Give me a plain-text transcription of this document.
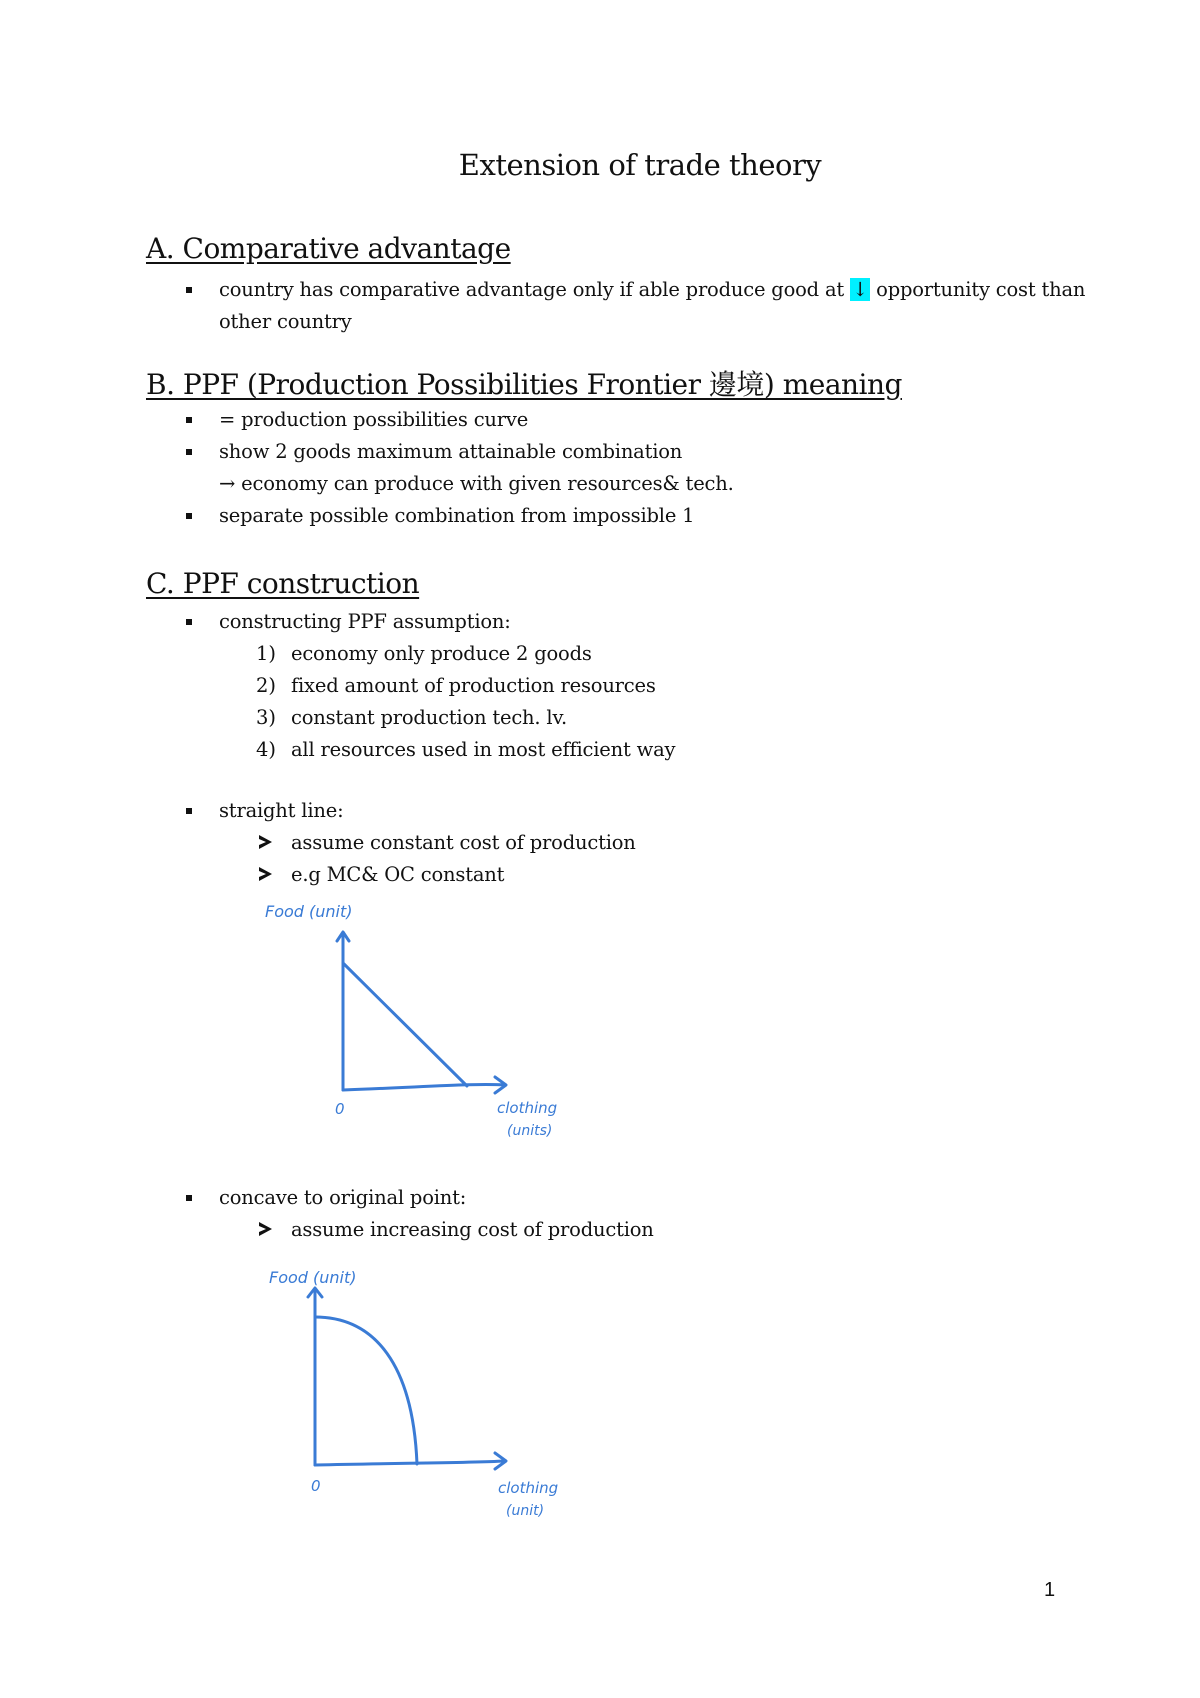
Extension of trade theory
A. Comparative advantage
country has comparative advantage only if able produce good at ↓ opportunity cost than
other country
B. PPF (Production Possibilities Frontier 邊境) meaning
= production possibilities curve
show 2 goods maximum attainable combination
→ economy can produce with given resources& tech.
separate possible combination from impossible 1
C. PPF construction
constructing PPF assumption:
1) economy only produce 2 goods
2) fixed amount of production resources
3) constant production tech. lv.
4) all resources used in most efficient way
straight line:
assume constant cost of production
e.g MC& OC constant
Food (unit)
0	clothing
(units)
concave to original point:
assume increasing cost of production
Food (unit)
0	clothing
(unit)
1
